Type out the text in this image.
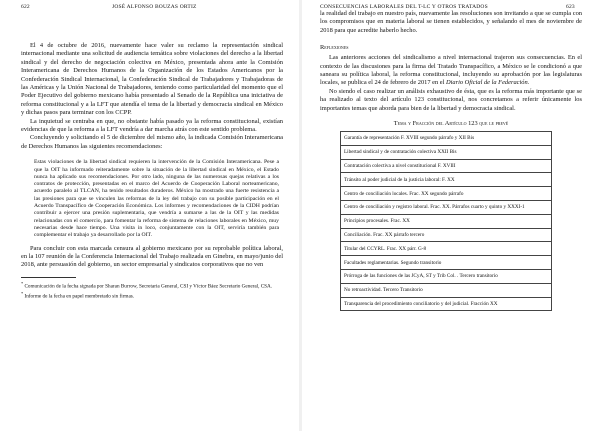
622	JOSÉ ALFONSO BOUZAS ORTIZ

El 4 de octubre de 2016, nuevamente hace valer su reclamo la representación sindical internacional mediante una solicitud de audiencia temática sobre violaciones del derecho a la libertad sindical y del derecho de negociación colectiva en México, presentada ahora ante la Comisión Interamericana de Derechos Humanos de la Organización de los Estados Americanos por la Confederación Sindical Internacional, la Confederación Sindical de Trabajadores y Trabajadoras de las Américas y la Unión Nacional de Trabajadores, teniendo como particularidad del momento que el Poder Ejecutivo del gobierno mexicano había presentado al Senado de la República una iniciativa de reforma constitucional y a la LFT que atendía el tema de la libertad y democracia sindical en México y dichas pasos para terminar con los CCPP.

La inquietud se centraba en que, no obstante había pasado ya la reforma constitucional, existían evidencias de que la reforma a la LFT vendría a dar marcha atrás con este sentido problema.

Concluyendo y solicitando el 5 de diciembre del mismo año, la indicada Comisión Interamericana de Derechos Humanos las siguientes recomendaciones:

Estas violaciones de la libertad sindical requieren la intervención de la Comisión Interamericana. Pese a que la OIT ha informado reiteradamente sobre la situación de la libertad sindical en México, el Estado nunca ha aplicado sus recomendaciones. Por otro lado, ninguna de las numerosas quejas relativas a los contratos de protección, presentadas en el marco del Acuerdo de Cooperación Laboral norteamericano, acuerdo paralelo al TLCAN, ha tenido resultados duraderos. México ha mostrado una fuerte resistencia a las presiones para que se vinculen las reformas de la ley del trabajo con su posible participación en el Acuerdo Transpacífico de Cooperación Económica. Los informes y recomendaciones de la CIDH podrían contribuir a ejercer una presión suplementaria, que vendría a sumarse a las de la OIT y las medidas relacionadas con el comercio, para fomentar la reforma de sistema de relaciones laborales en México, muy necesarias desde hace tiempo. Una visita in loco, conjuntamente con la OIT, serviría también para complementar el trabajo ya desarrollado por la OIT.

Para concluir con esta marcada censura al gobierno mexicano por su reprobable política laboral, en la 107 reunión de la Conferencia Internacional del Trabajo realizada en Ginebra, en mayo/junio del 2018, ante persuasión del gobierno, un sector empresarial y sindicatos corporativos que no ven

* Comunicación de la fecha signada por Sharan Burrow, Secretaria General, CSI y Víctor Báez Secretario General, CSA.

* Informe de la fecha en papel membretado sin firmas.

CONSECUENCIAS LABORALES DEL T-LC Y OTROS TRATADOS	623

la realidad del trabajo en nuestro país, nuevamente las resoluciones son invitando a que se cumpla con los compromisos que en materia laboral se tienen establecidos, y señalando el mes de noviembre de 2018 para que acredite haberlo hecho.

Reflexiones

Las anteriores acciones del sindicalismo a nivel internacional trajeron sus consecuencias. En el contexto de las discusiones para la firma del Tratado Transpacífico, a México se le condicionó a que saneara su política laboral, la reforma constitucional, incluyendo su aprobación por las legislaturas locales, se publica el 24 de febrero de 2017 en el Diario Oficial de la Federación.

No siendo el caso realizar un análisis exhaustivo de ésta, que es la reforma más importante que se ha realizado al texto del artículo 123 constitucional, nos concretamos a referir únicamente los importantes temas que aborda para bien de la libertad y democracia sindical.

Tema y Fracción del Artículo 123 que le prevé
Garantía de representación F. XVIII segundo párrafo y XII Bis
Libertad sindical y de contratación colectiva XXII Bis
Contratación colectiva a nivel constitucional F. XVIII
Tránsito al poder judicial de la justicia laboral: F. XX
Centro de conciliación locales. Frac. XX segundo párrafo
Centro de conciliación y registro laboral. Frac. XX. Párrafos cuarto y quinto y XXXI-1
Principios procesales. Frac. XX
Conciliación. Frac. XX párrafo tercero
Titular del CCYRL. Frac. XX párr. G-8
Facultades reglamentarias. Segundo transitorio
Prórroga de las funciones de las JCyA, ST y Trib Col. . Tercero transitorio
No retroactividad. Tercero Transitorio
Transparencia del procedimiento conciliatorio y del judicial. Fracción XX
